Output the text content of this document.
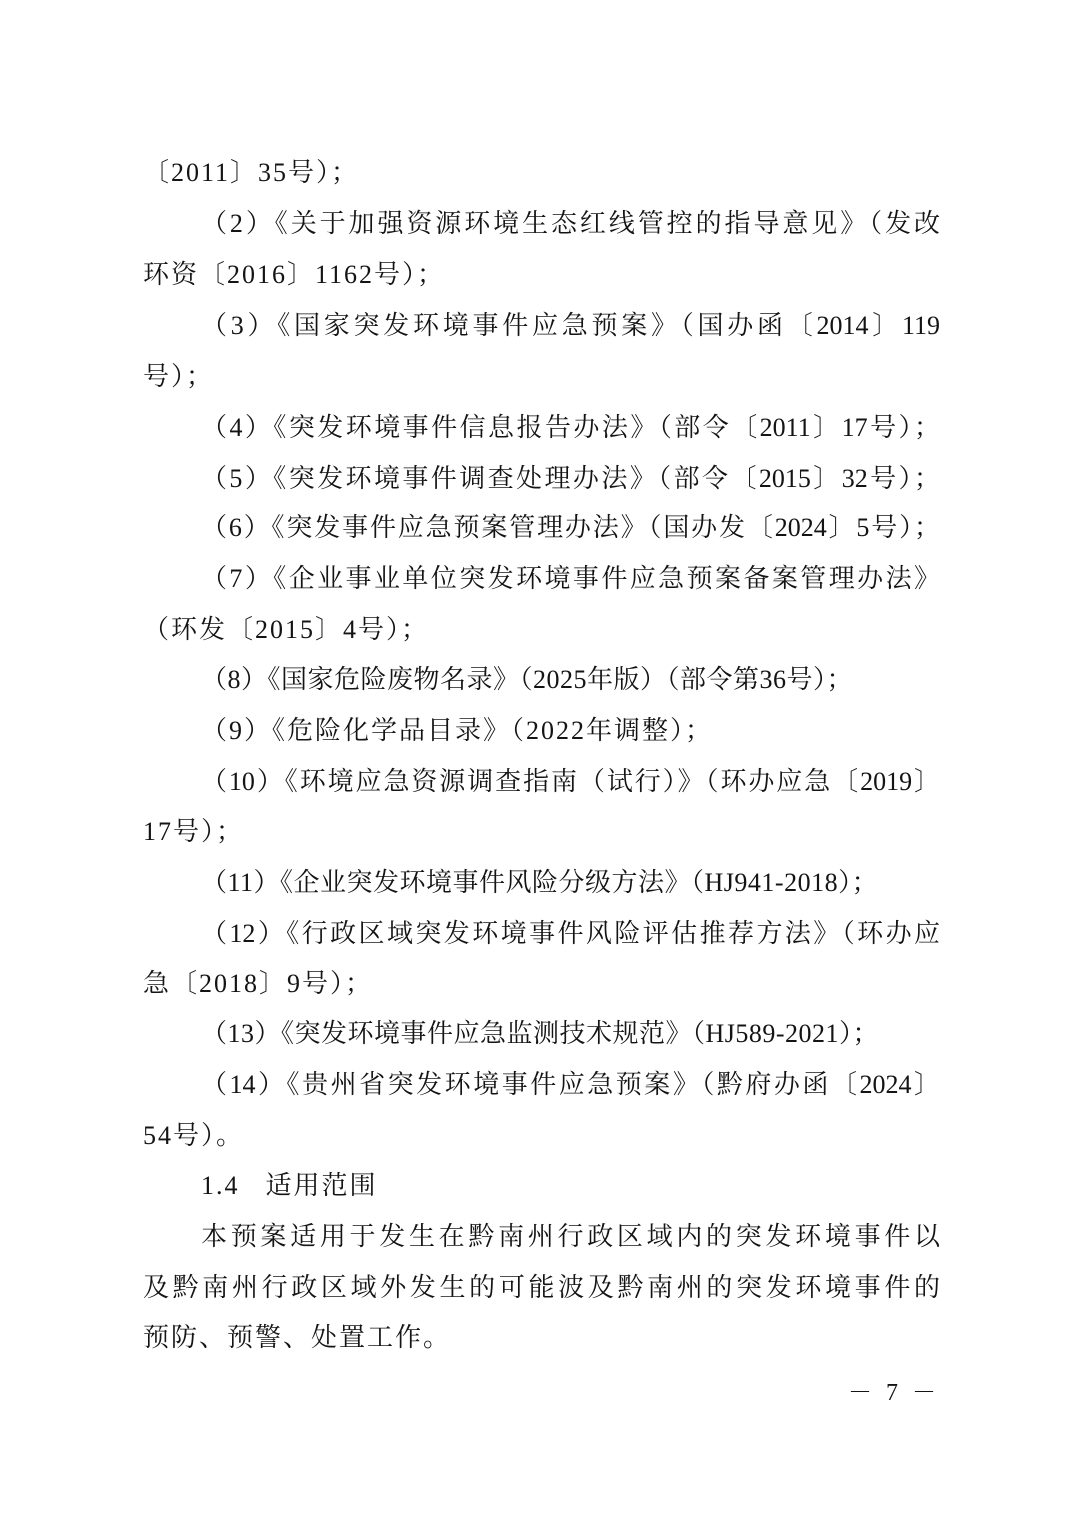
〔2011〕35号）；
（2）《关于加强资源环境生态红线管控的指导意见》（发改
环资〔2016〕1162号）；
（3）《国家突发环境事件应急预案》（国办函〔2014〕119
号）；
（4）《突发环境事件信息报告办法》（部令〔2011〕17号）；
（5）《突发环境事件调查处理办法》（部令〔2015〕32号）；
（6）《突发事件应急预案管理办法》（国办发〔2024〕5号）；
（7）《企业事业单位突发环境事件应急预案备案管理办法》
（环发〔2015〕4号）；
（8）《国家危险废物名录》（2025年版）（部令第36号）；
（9）《危险化学品目录》（2022年调整）；
（10）《环境应急资源调查指南（试行）》（环办应急〔2019〕
17号）；
（11）《企业突发环境事件风险分级方法》（HJ941-2018）；
（12）《行政区域突发环境事件风险评估推荐方法》（环办应
急〔2018〕9号）；
（13）《突发环境事件应急监测技术规范》（HJ589-2021）；
（14）《贵州省突发环境事件应急预案》（黔府办函〔2024〕
54号）。
1.4 适用范围
本预案适用于发生在黔南州行政区域内的突发环境事件以
及黔南州行政区域外发生的可能波及黔南州的突发环境事件的
预防、预警、处置工作。
－ 7 －
